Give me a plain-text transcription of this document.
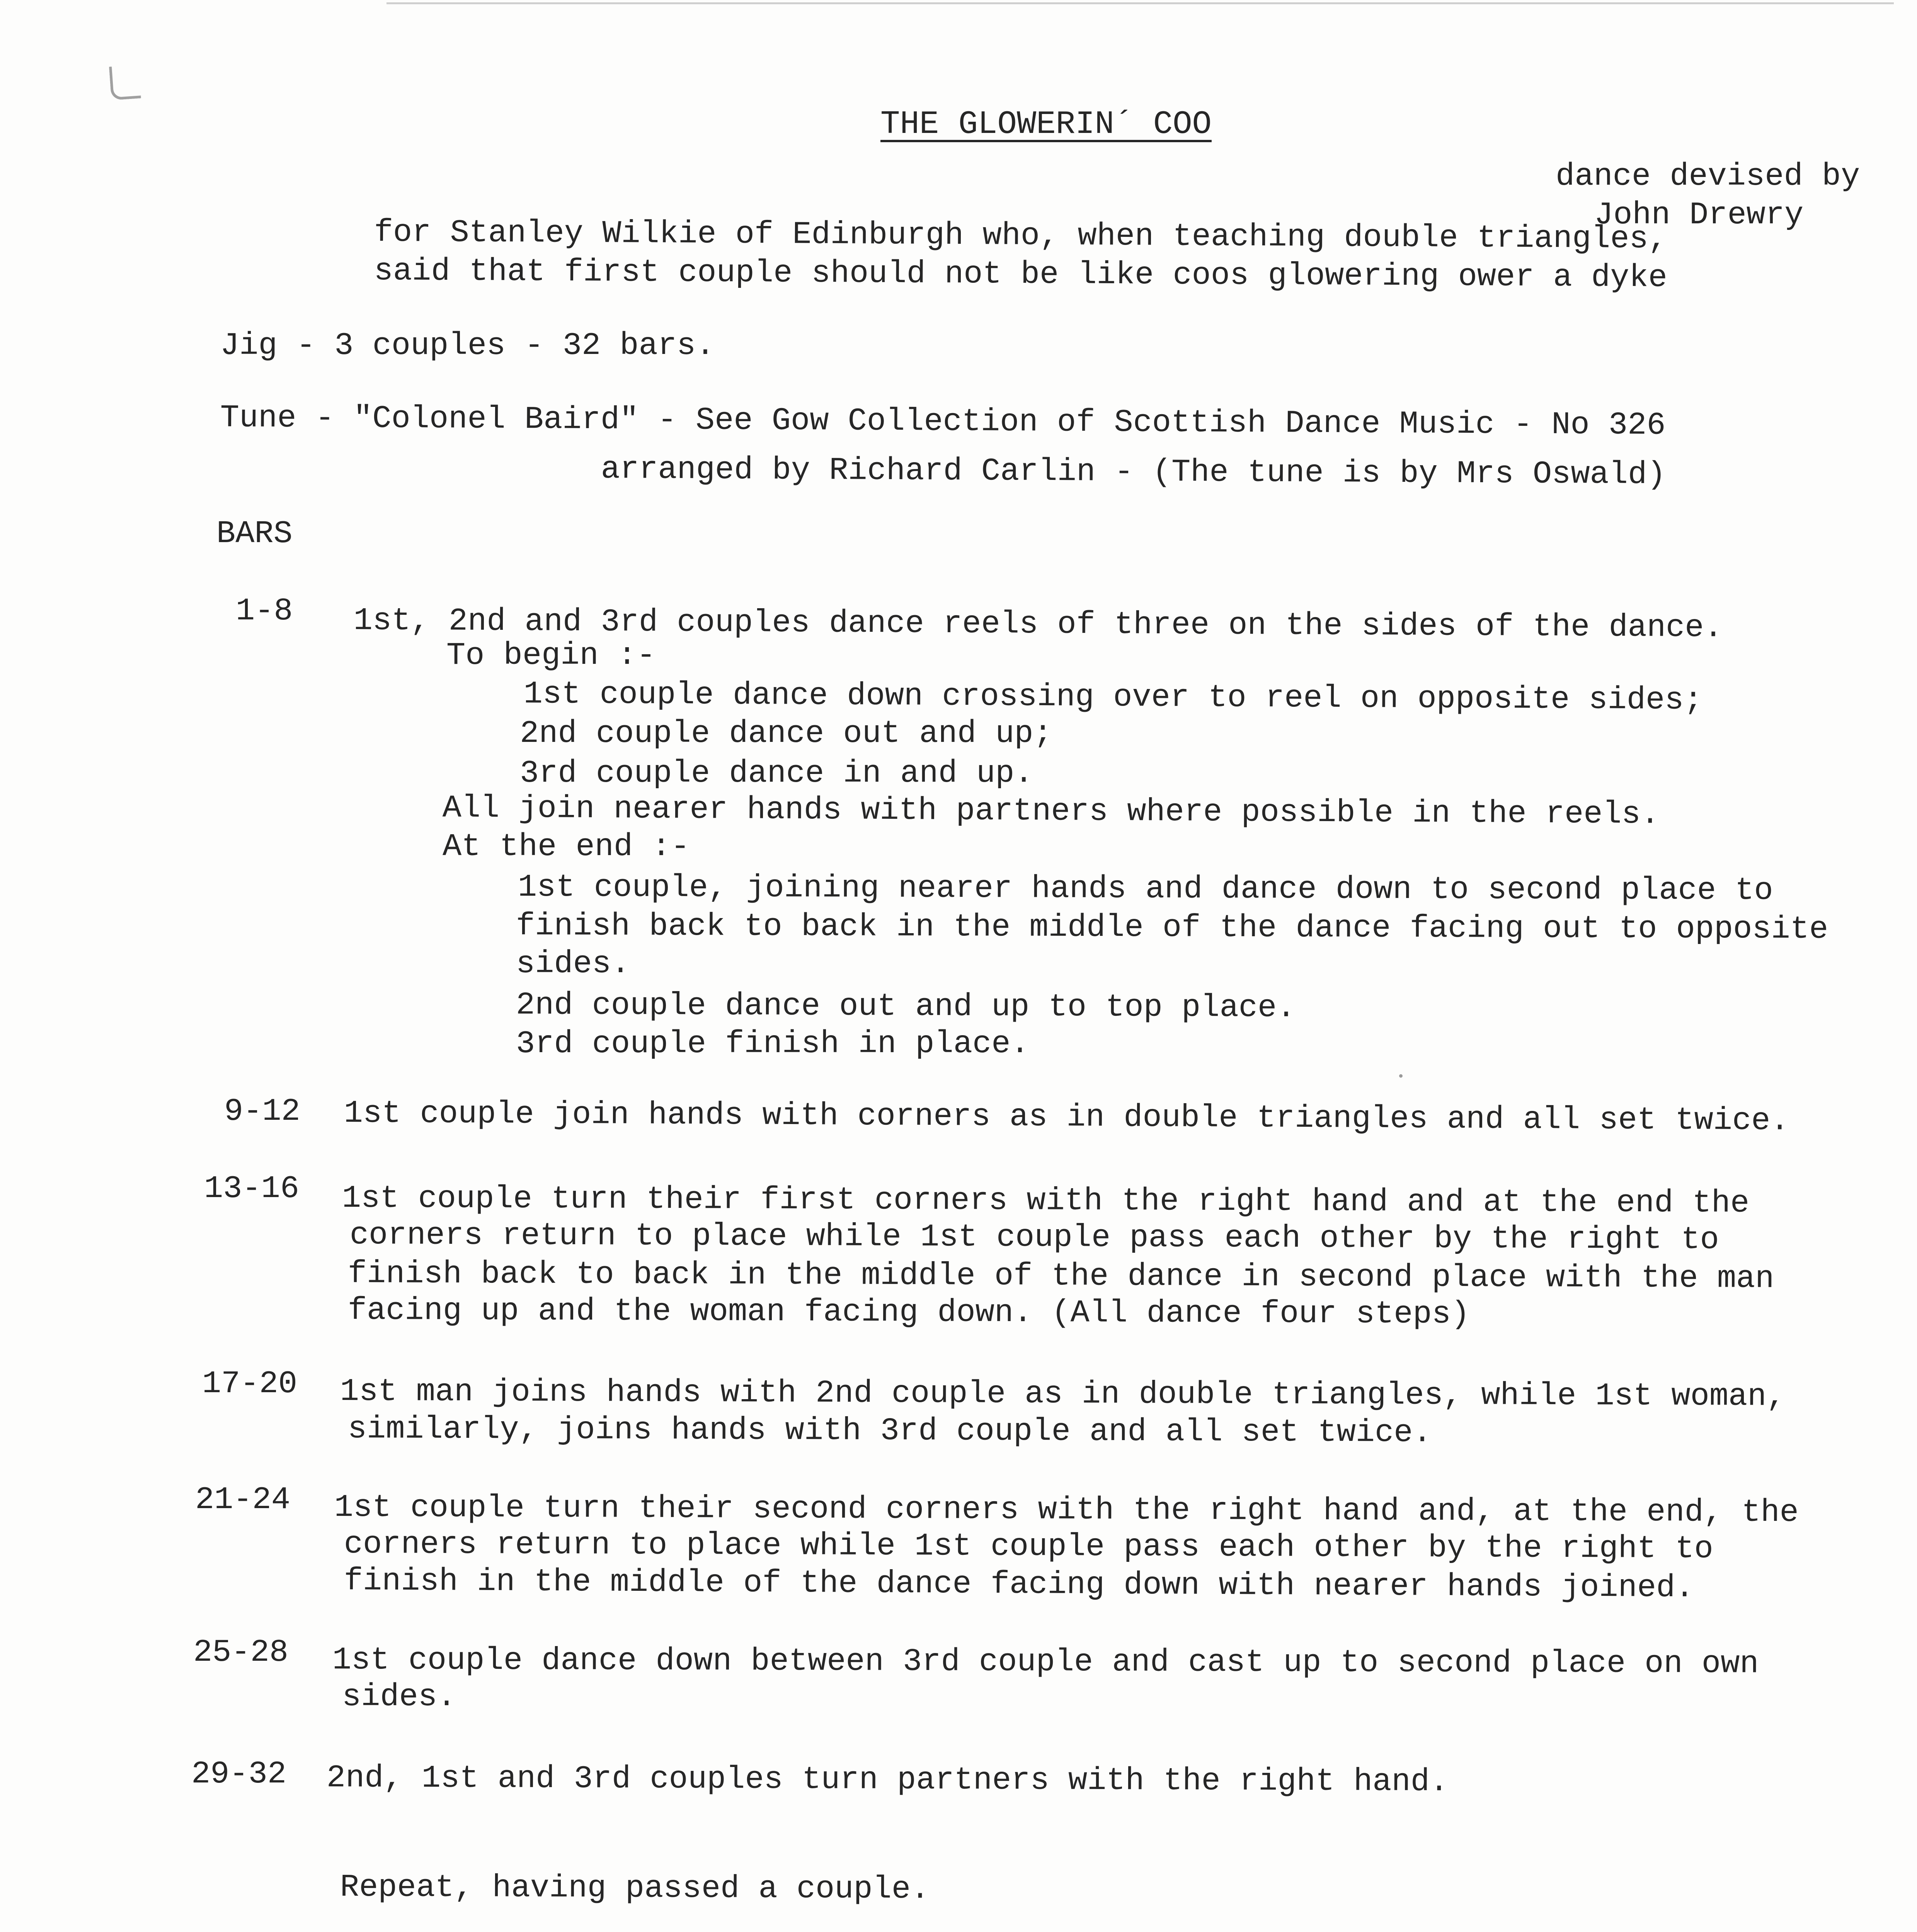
THE GLOWERIN´ COO
dance devised by
John Drewry
for Stanley Wilkie of Edinburgh who, when teaching double triangles,
said that first couple should not be like coos glowering ower a dyke
Jig - 3 couples - 32 bars.
Tune - "Colonel Baird" - See Gow Collection of Scottish Dance Music - No 326
arranged by Richard Carlin - (The tune is by Mrs Oswald)
BARS
1-8 1st, 2nd and 3rd couples dance reels of three on the sides of the dance.
To begin :-
1st couple dance down crossing over to reel on opposite sides;
2nd couple dance out and up;
3rd couple dance in and up.
All join nearer hands with partners where possible in the reels.
At the end :-
1st couple, joining nearer hands and dance down to second place to
finish back to back in the middle of the dance facing out to opposite
sides.
2nd couple dance out and up to top place.
3rd couple finish in place.
9-12 1st couple join hands with corners as in double triangles and all set twice.
13-16 1st couple turn their first corners with the right hand and at the end the
corners return to place while 1st couple pass each other by the right to
finish back to back in the middle of the dance in second place with the man
facing up and the woman facing down. (All dance four steps)
17-20 1st man joins hands with 2nd couple as in double triangles, while 1st woman,
similarly, joins hands with 3rd couple and all set twice.
21-24 1st couple turn their second corners with the right hand and, at the end, the
corners return to place while 1st couple pass each other by the right to
finish in the middle of the dance facing down with nearer hands joined.
25-28 1st couple dance down between 3rd couple and cast up to second place on own
sides.
29-32 2nd, 1st and 3rd couples turn partners with the right hand.
Repeat, having passed a couple.
